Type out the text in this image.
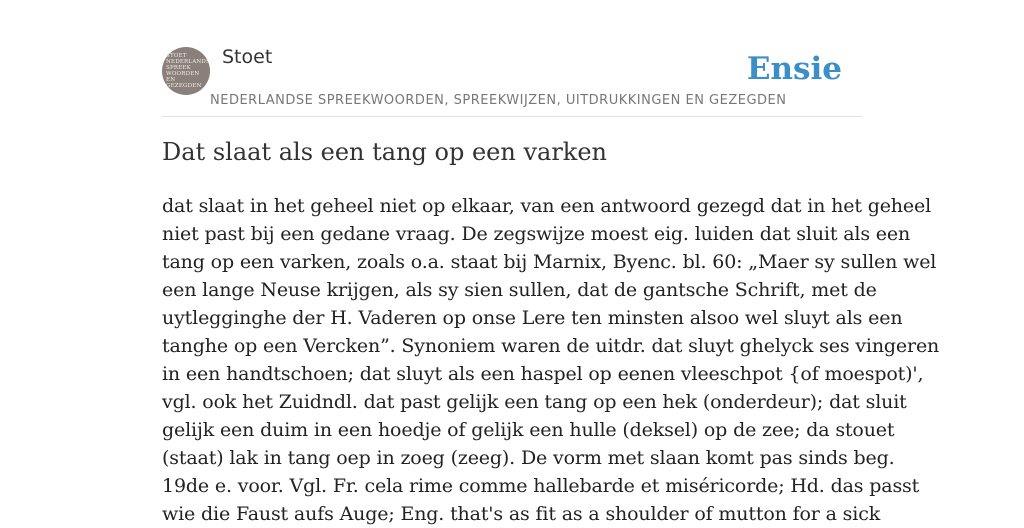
STOET
NEDERLANDSE
SPREEK
WOORDEN EN
GEZEGDEN
Stoet	Ensie
NEDERLANDSE SPREEKWOORDEN, SPREEKWIJZEN, UITDRUKKINGEN EN GEZEGDEN
Dat slaat als een tang op een varken
dat slaat in het geheel niet op elkaar, van een antwoord gezegd dat in het geheel
niet past bij een gedane vraag. De zegswijze moest eig. luiden dat sluit als een
tang op een varken, zoals o.a. staat bij Marnix, Byenc. bl. 60: „Maer sy sullen wel
een lange Neuse krijgen, als sy sien sullen, dat de gantsche Schrift, met de
uytlegginghe der H. Vaderen op onse Lere ten minsten alsoo wel sluyt als een
tanghe op een Vercken”. Synoniem waren de uitdr. dat sluyt ghelyck ses vingeren
in een handtschoen; dat sluyt als een haspel op eenen vleeschpot {of moespot)',
vgl. ook het Zuidndl. dat past gelijk een tang op een hek (onderdeur); dat sluit
gelijk een duim in een hoedje of gelijk een hulle (deksel) op de zee; da stouet
(staat) lak in tang oep in zoeg (zeeg). De vorm met slaan komt pas sinds beg.
19de e. voor. Vgl. Fr. cela rime comme hallebarde et miséricorde; Hd. das passt
wie die Faust aufs Auge; Eng. that's as fit as a shoulder of mutton for a sick
